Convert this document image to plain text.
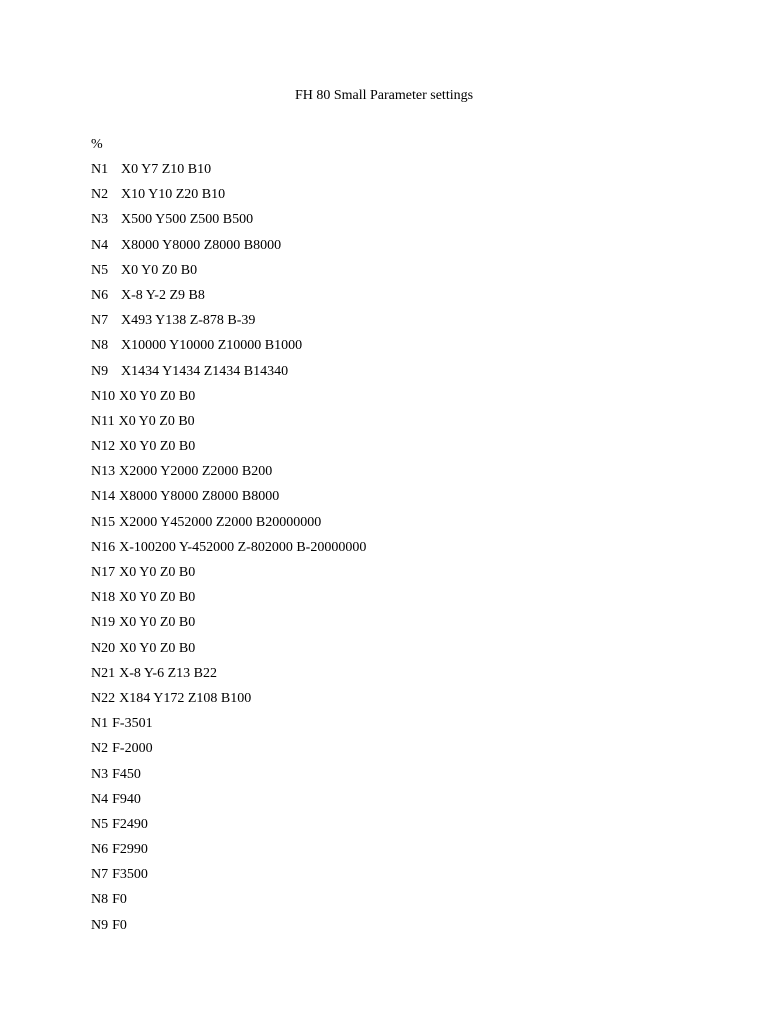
FH 80 Small Parameter settings
%
N1 X0 Y7 Z10 B10
N2 X10 Y10 Z20 B10
N3 X500 Y500 Z500 B500
N4 X8000 Y8000 Z8000 B8000
N5 X0 Y0 Z0 B0
N6 X-8 Y-2 Z9 B8
N7 X493 Y138 Z-878 B-39
N8 X10000 Y10000 Z10000 B1000
N9 X1434 Y1434 Z1434 B14340
N10 X0 Y0 Z0 B0
N11 X0 Y0 Z0 B0
N12 X0 Y0 Z0 B0
N13 X2000 Y2000 Z2000 B200
N14 X8000 Y8000 Z8000 B8000
N15 X2000 Y452000 Z2000 B20000000
N16 X-100200 Y-452000 Z-802000 B-20000000
N17 X0 Y0 Z0 B0
N18 X0 Y0 Z0 B0
N19 X0 Y0 Z0 B0
N20 X0 Y0 Z0 B0
N21 X-8 Y-6 Z13 B22
N22 X184 Y172 Z108 B100
N1 F-3501
N2 F-2000
N3 F450
N4 F940
N5 F2490
N6 F2990
N7 F3500
N8 F0
N9 F0
